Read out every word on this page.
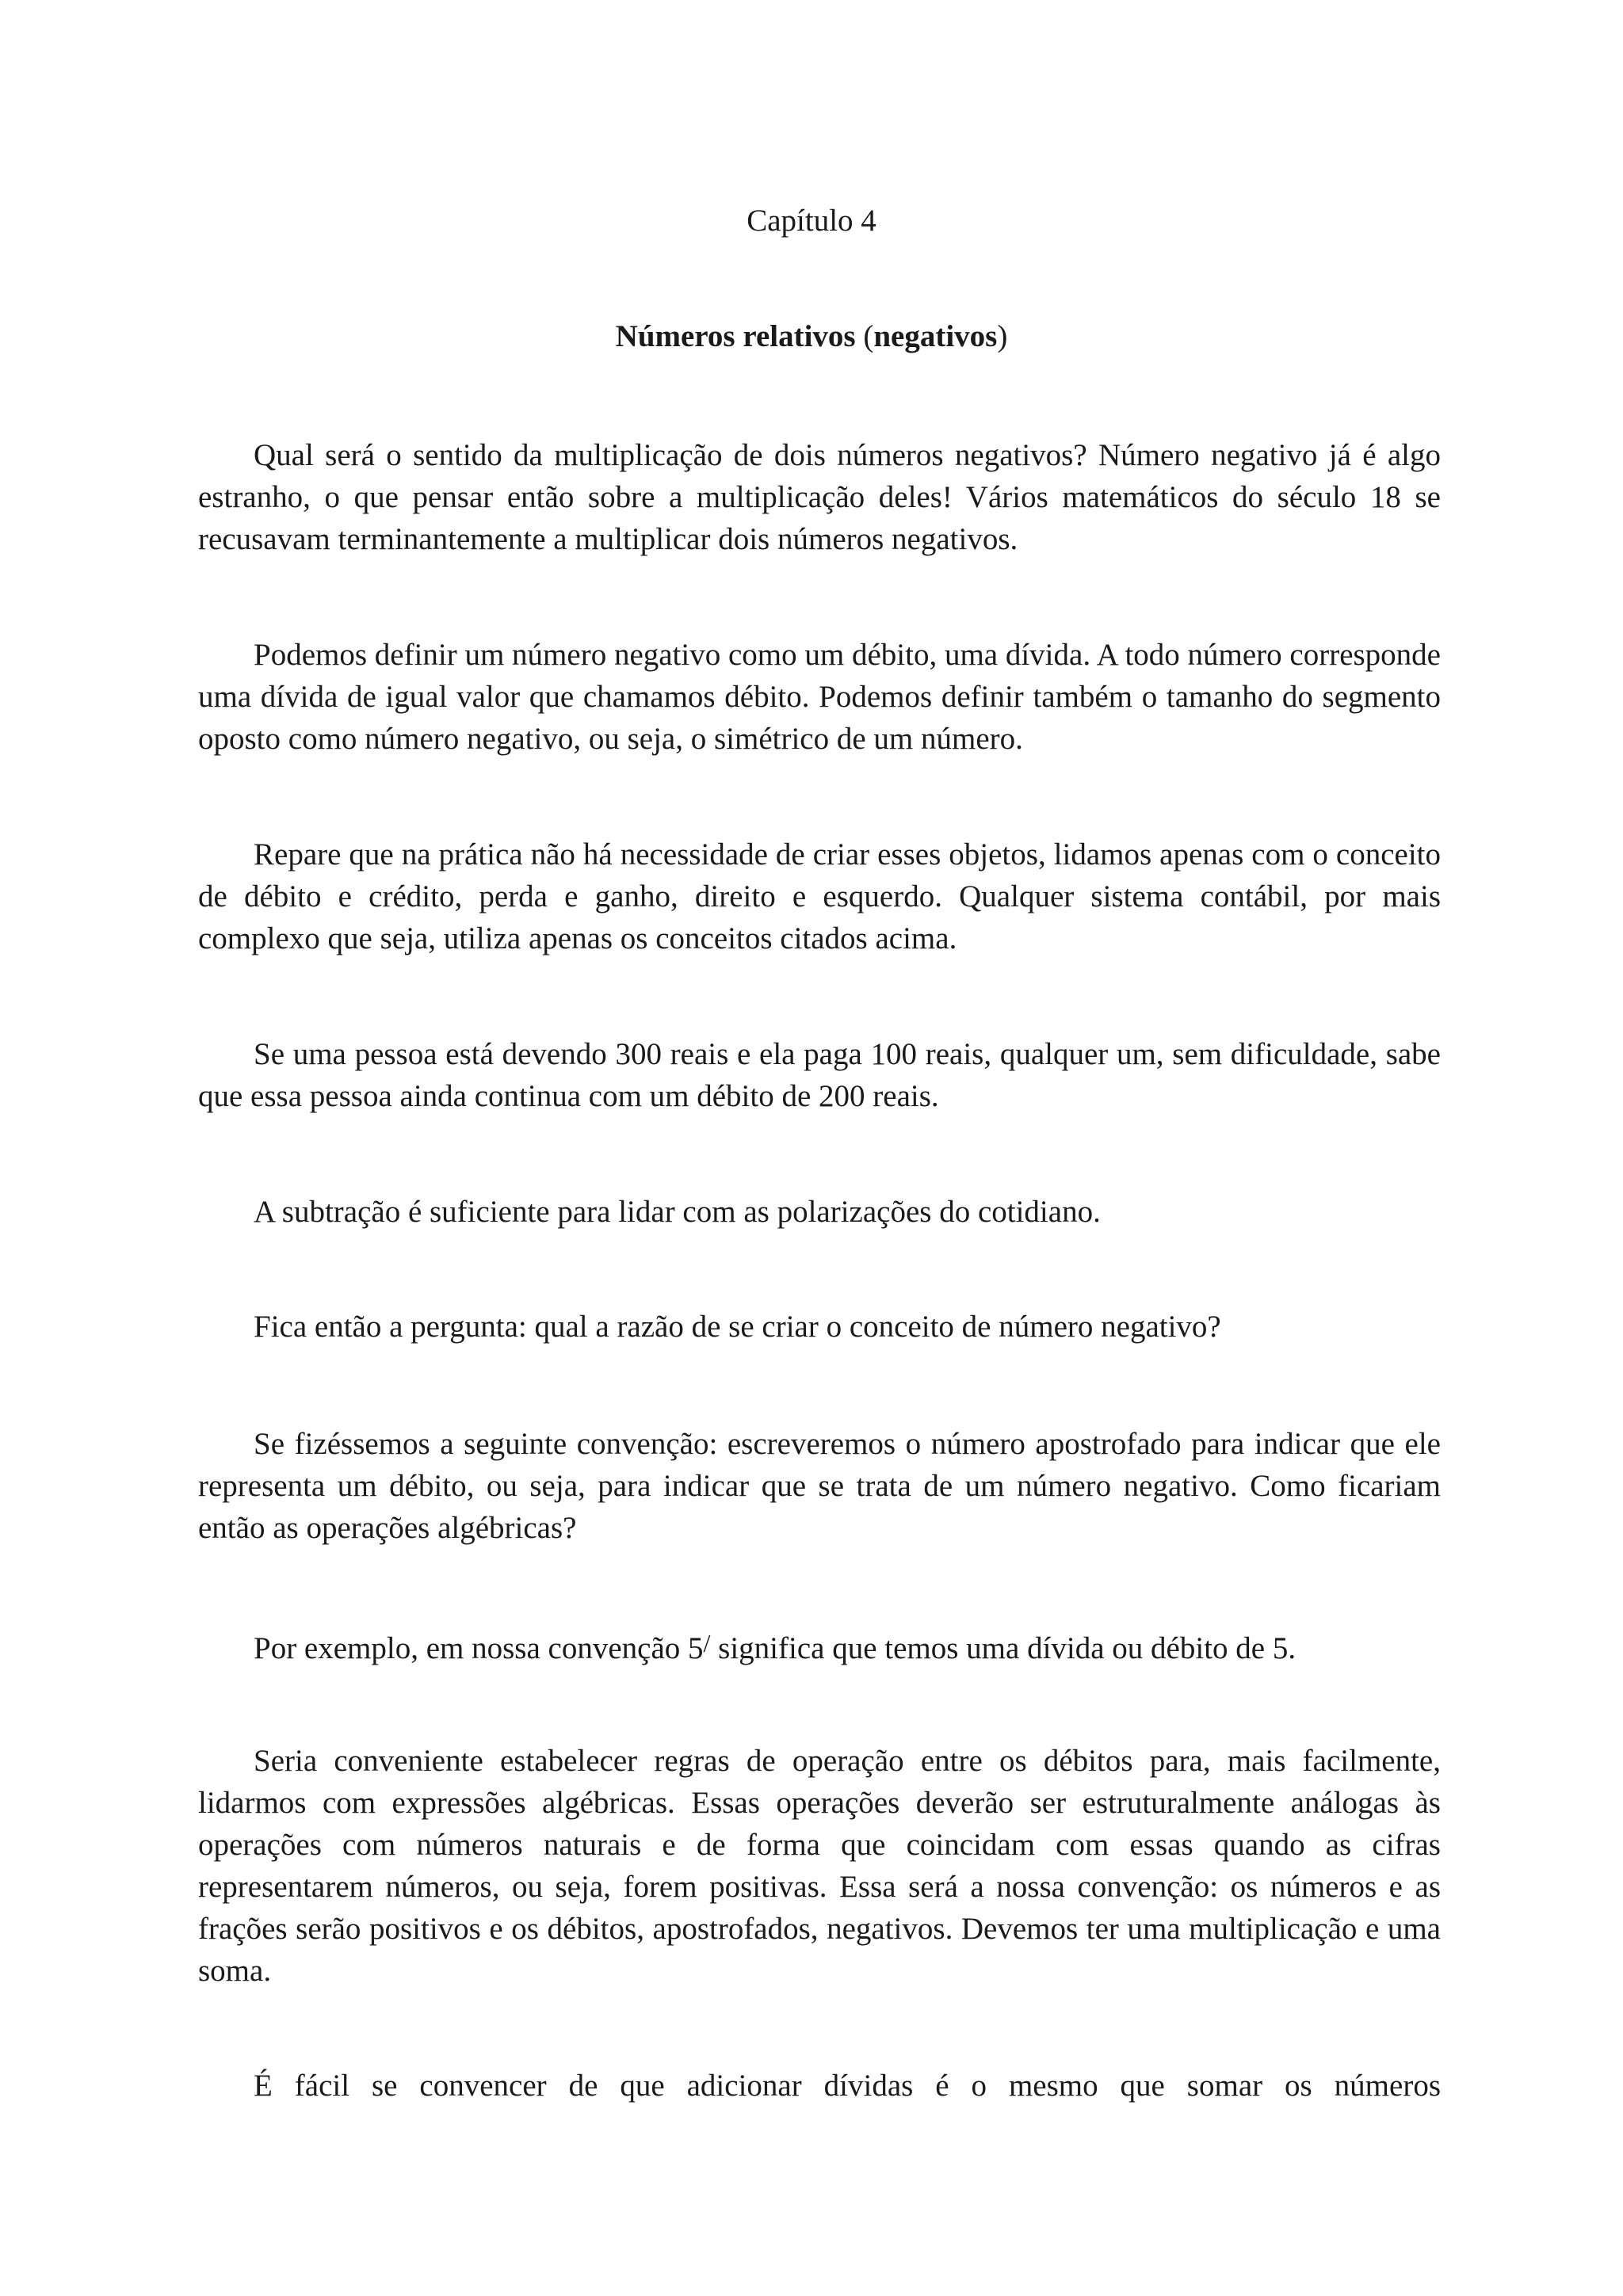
Capítulo 4
Números relativos (negativos)

Qual será o sentido da multiplicação de dois números negativos? Número negativo já é algo estranho, o que pensar então sobre a multiplicação deles! Vários matemáticos do século 18 se recusavam terminantemente a multiplicar dois números negativos.

Podemos definir um número negativo como um débito, uma dívida. A todo número corresponde uma dívida de igual valor que chamamos débito. Podemos definir também o tamanho do segmento oposto como número negativo, ou seja, o simétrico de um número.

Repare que na prática não há necessidade de criar esses objetos, lidamos apenas com o conceito de débito e crédito, perda e ganho, direito e esquerdo. Qualquer sistema contábil, por mais complexo que seja, utiliza apenas os conceitos citados acima.

Se uma pessoa está devendo 300 reais e ela paga 100 reais, qualquer um, sem dificuldade, sabe que essa pessoa ainda continua com um débito de 200 reais.

A subtração é suficiente para lidar com as polarizações do cotidiano.

Fica então a pergunta: qual a razão de se criar o conceito de número negativo?

Se fizéssemos a seguinte convenção: escreveremos o número apostrofado para indicar que ele representa um débito, ou seja, para indicar que se trata de um número negativo. Como ficariam então as operações algébricas?

Por exemplo, em nossa convenção 5/ significa que temos uma dívida ou débito de 5.

Seria conveniente estabelecer regras de operação entre os débitos para, mais facilmente, lidarmos com expressões algébricas. Essas operações deverão ser estruturalmente análogas às operações com números naturais e de forma que coincidam com essas quando as cifras representarem números, ou seja, forem positivas. Essa será a nossa convenção: os números e as frações serão positivos e os débitos, apostrofados, negativos. Devemos ter uma multiplicação e uma soma.

É fácil se convencer de que adicionar dívidas é o mesmo que somar os números
